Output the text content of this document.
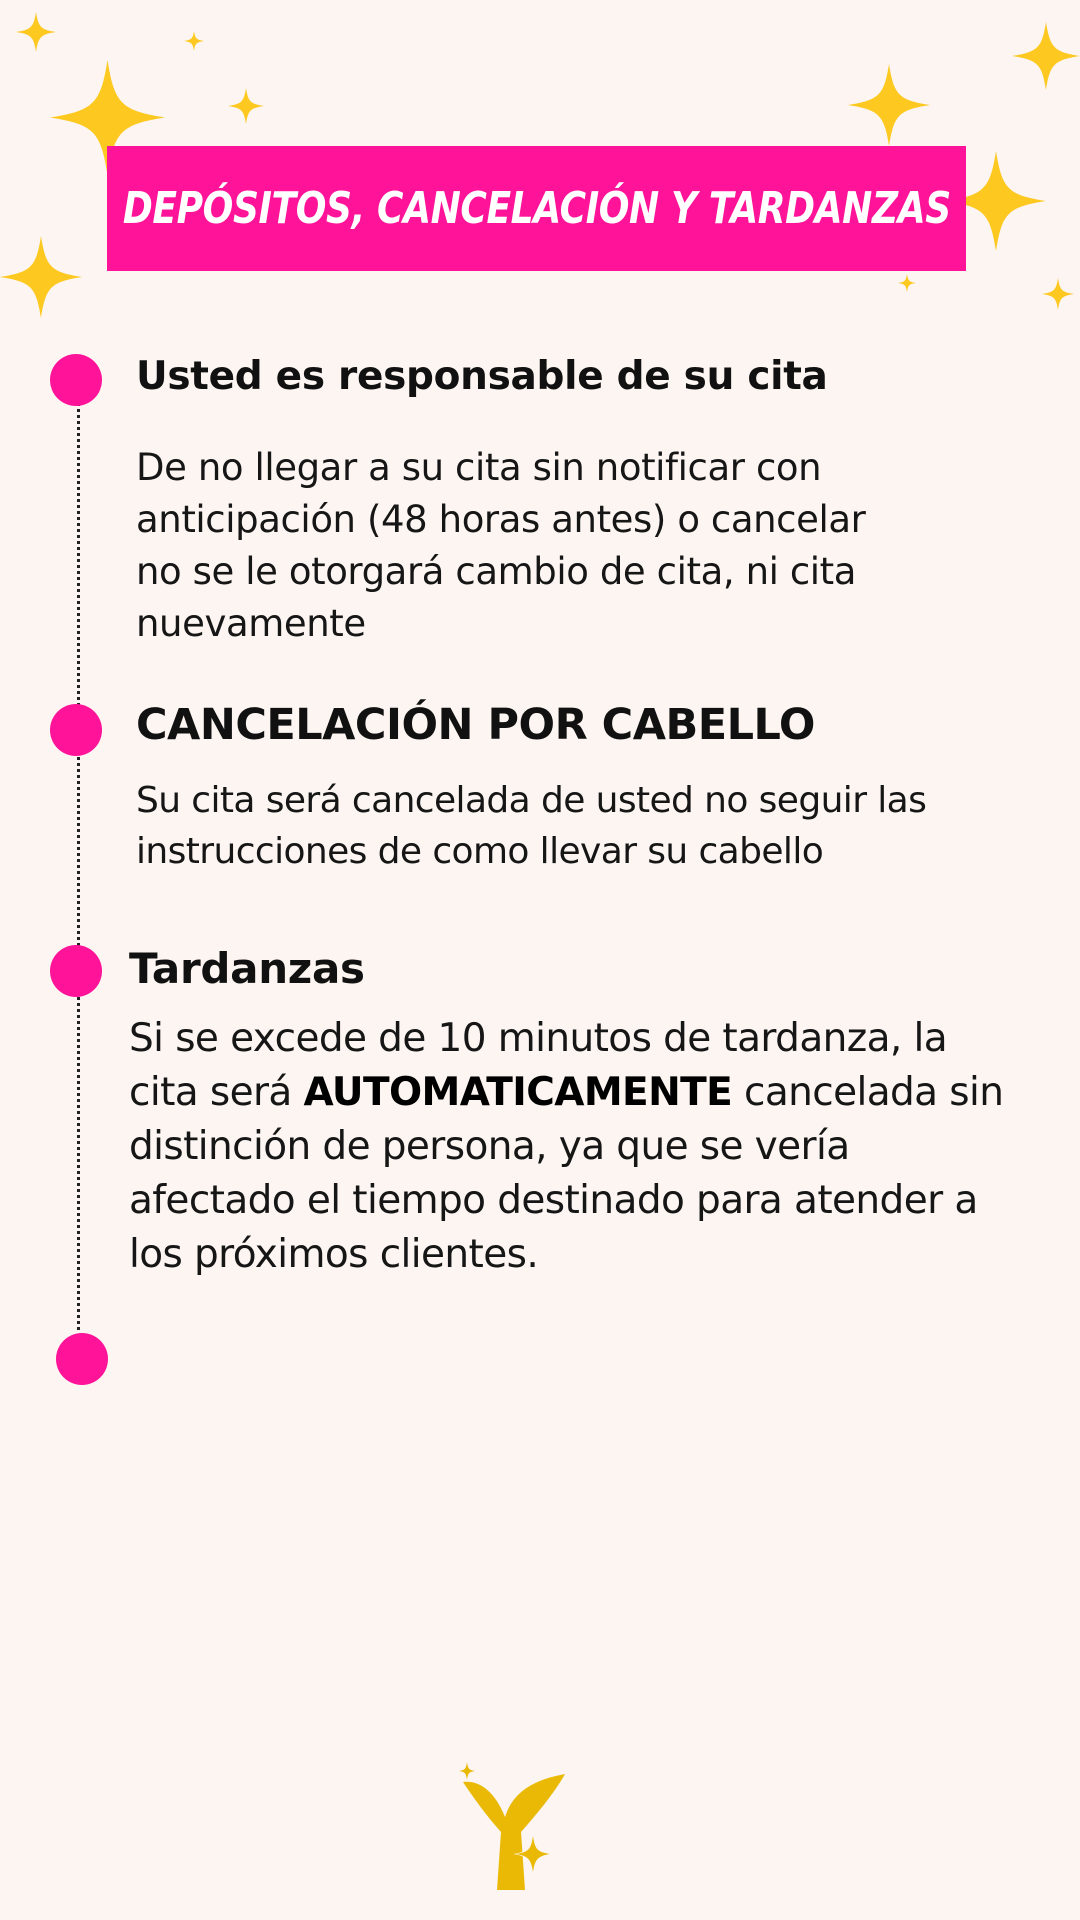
DEPÓSITOS, CANCELACIÓN Y TARDANZAS
Usted es responsable de su cita

De no llegar a su cita sin notificar con anticipación (48 horas antes) o cancelar no se le otorgará cambio de cita, ni cita nuevamente

CANCELACIÓN POR CABELLO

Su cita será cancelada de usted no seguir las instrucciones de como llevar su cabello

Tardanzas

Si se excede de 10 minutos de tardanza, la cita será AUTOMATICAMENTE cancelada sin distinción de persona, ya que se vería afectado el tiempo destinado para atender a los próximos clientes.
